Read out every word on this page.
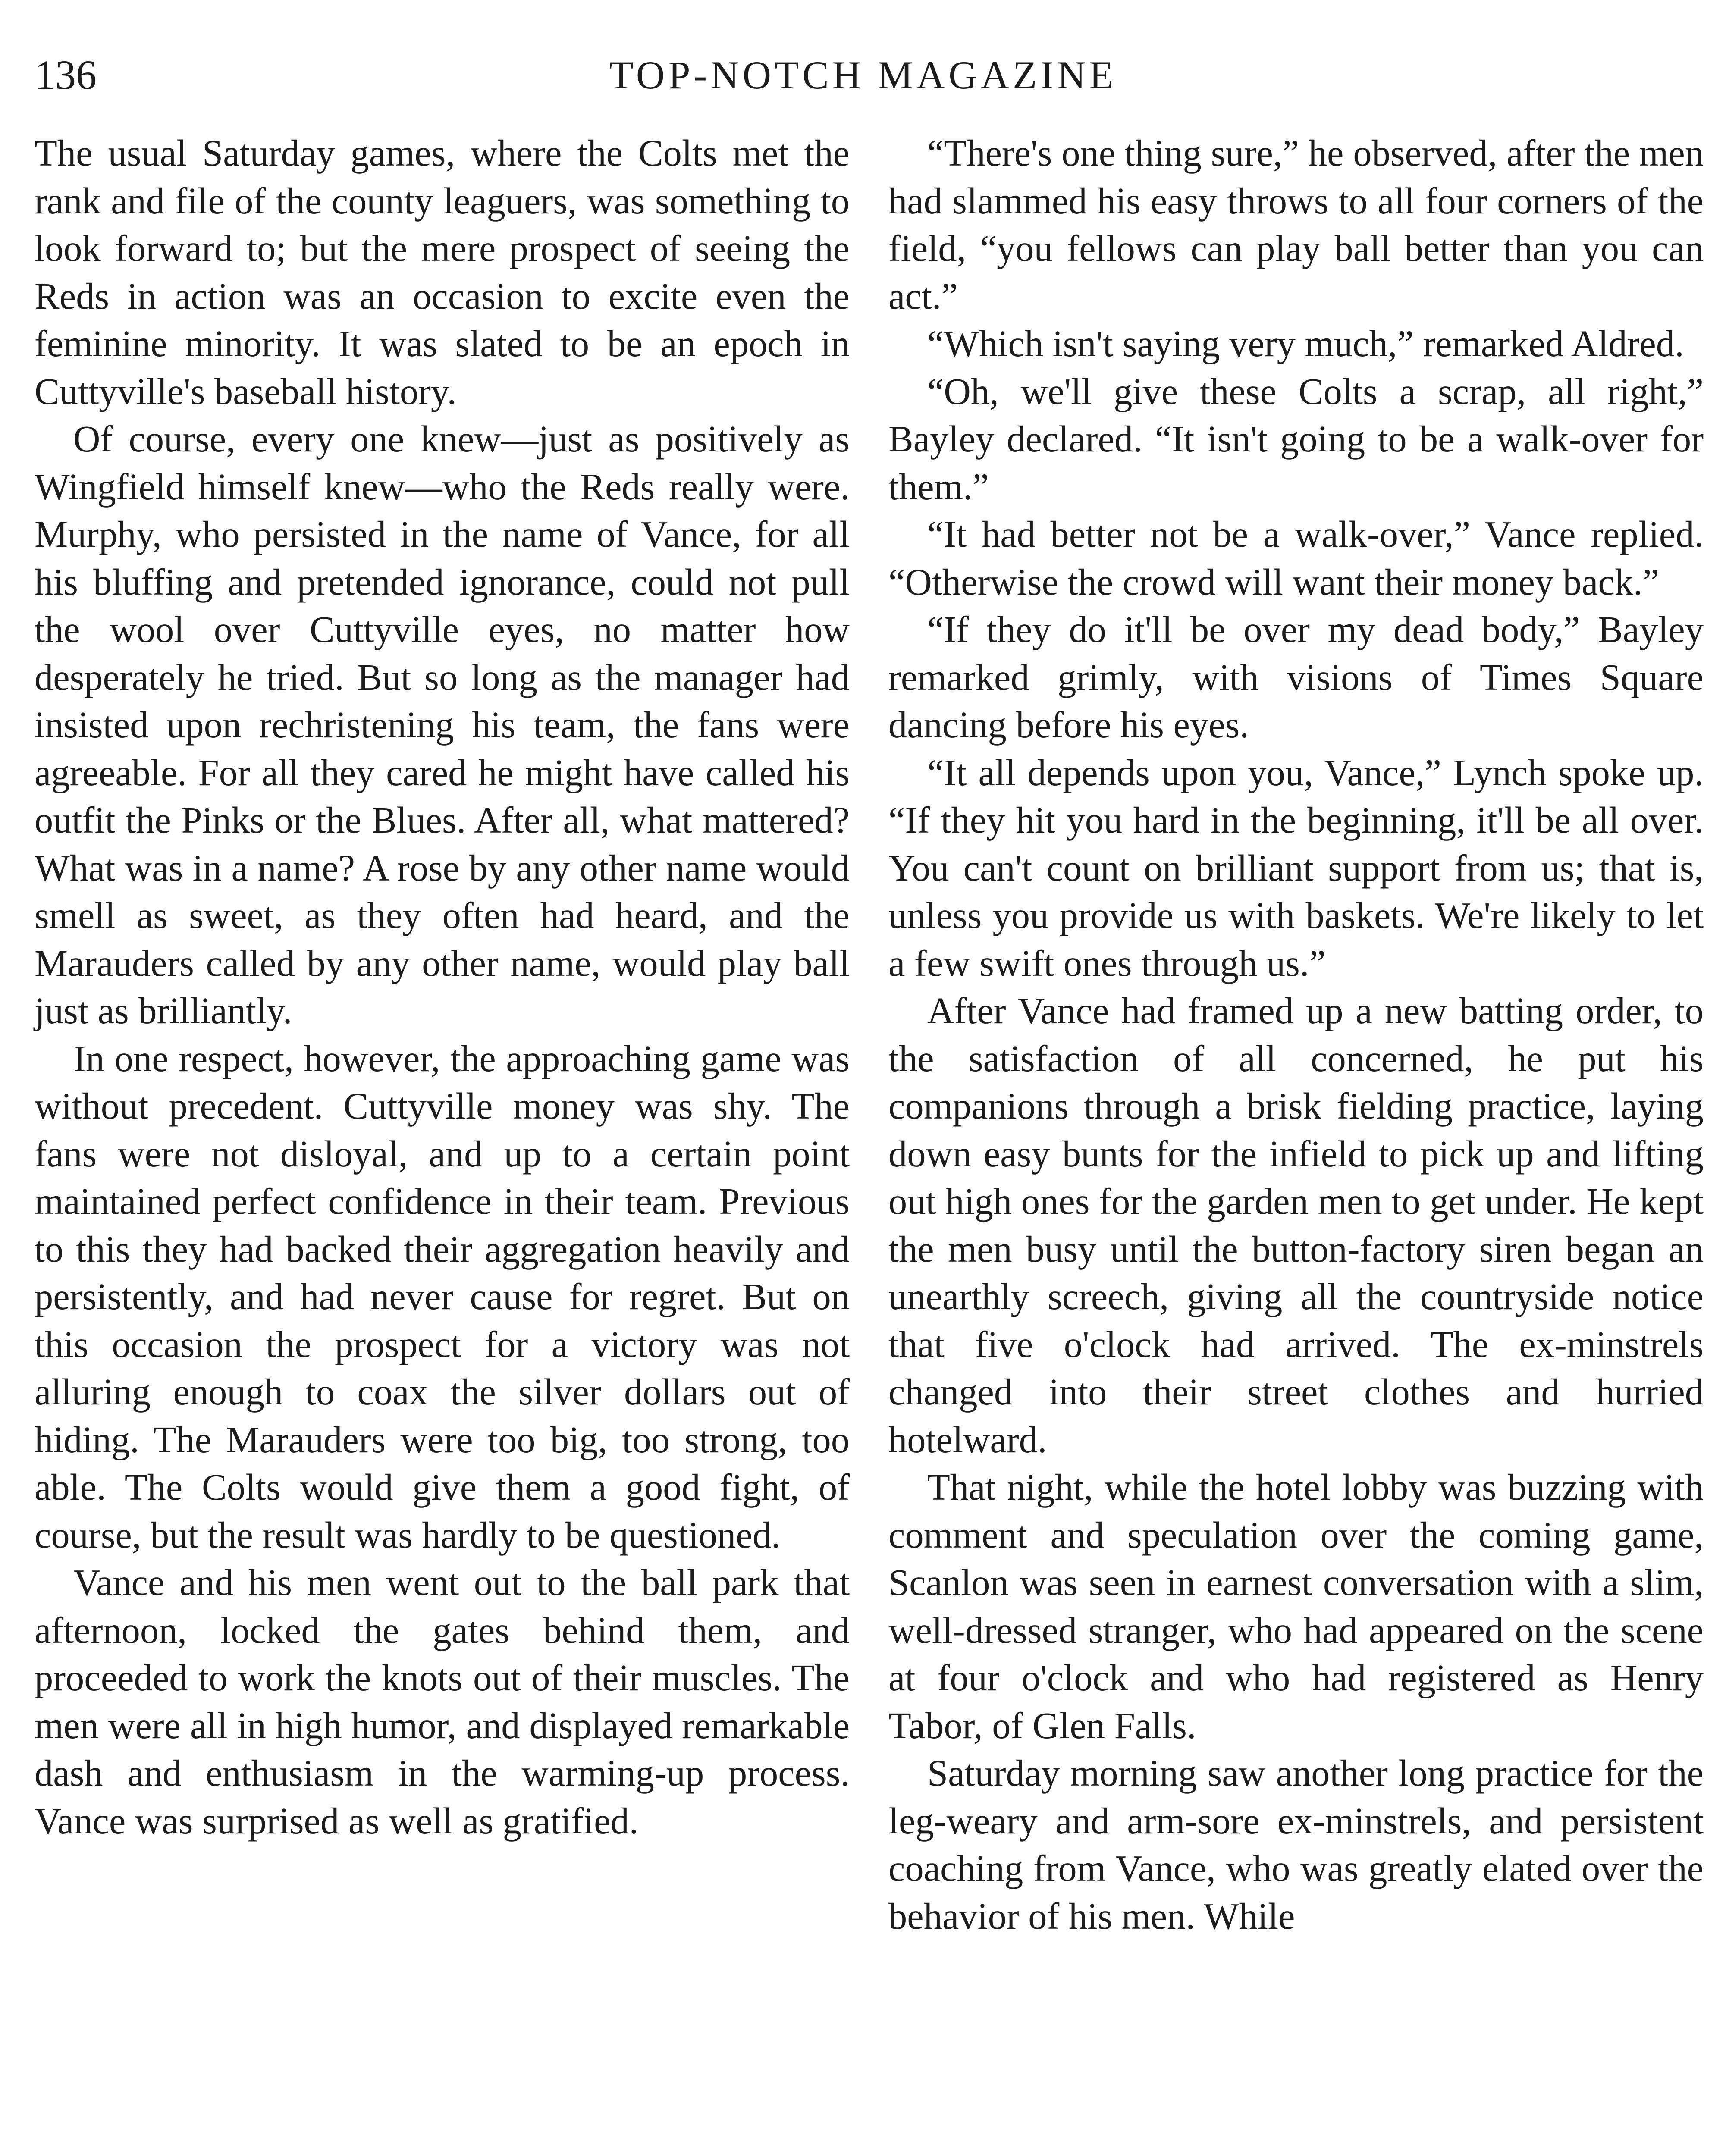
136	TOP-NOTCH MAGAZINE

The usual Saturday games, where the Colts met the rank and file of the county leaguers, was something to look forward to; but the mere prospect of seeing the Reds in action was an occasion to excite even the feminine minority. It was slated to be an epoch in Cuttyville's baseball history.

Of course, every one knew—just as positively as Wingfield himself knew—who the Reds really were. Murphy, who persisted in the name of Vance, for all his bluffing and pretended ignorance, could not pull the wool over Cuttyville eyes, no matter how desperately he tried. But so long as the manager had insisted upon rechristening his team, the fans were agreeable. For all they cared he might have called his outfit the Pinks or the Blues. After all, what mattered? What was in a name? A rose by any other name would smell as sweet, as they often had heard, and the Marauders called by any other name, would play ball just as brilliantly.

In one respect, however, the approaching game was without precedent. Cuttyville money was shy. The fans were not disloyal, and up to a certain point maintained perfect confidence in their team. Previous to this they had backed their aggregation heavily and persistently, and had never cause for regret. But on this occasion the prospect for a victory was not alluring enough to coax the silver dollars out of hiding. The Marauders were too big, too strong, too able. The Colts would give them a good fight, of course, but the result was hardly to be questioned.

Vance and his men went out to the ball park that afternoon, locked the gates behind them, and proceeded to work the knots out of their muscles. The men were all in high humor, and displayed remarkable dash and enthusiasm in the warming-up process. Vance was surprised as well as gratified.

“There's one thing sure,” he observed, after the men had slammed his easy throws to all four corners of the field, “you fellows can play ball better than you can act.”

“Which isn't saying very much,” remarked Aldred.

“Oh, we'll give these Colts a scrap, all right,” Bayley declared. “It isn't going to be a walk-over for them.”

“It had better not be a walk-over,” Vance replied. “Otherwise the crowd will want their money back.”

“If they do it'll be over my dead body,” Bayley remarked grimly, with visions of Times Square dancing before his eyes.

“It all depends upon you, Vance,” Lynch spoke up. “If they hit you hard in the beginning, it'll be all over. You can't count on brilliant support from us; that is, unless you provide us with baskets. We're likely to let a few swift ones through us.”

After Vance had framed up a new batting order, to the satisfaction of all concerned, he put his companions through a brisk fielding practice, laying down easy bunts for the infield to pick up and lifting out high ones for the garden men to get under. He kept the men busy until the button-factory siren began an unearthly screech, giving all the countryside notice that five o'clock had arrived. The ex-minstrels changed into their street clothes and hurried hotelward.

That night, while the hotel lobby was buzzing with comment and speculation over the coming game, Scanlon was seen in earnest conversation with a slim, well-dressed stranger, who had appeared on the scene at four o'clock and who had registered as Henry Tabor, of Glen Falls.

Saturday morning saw another long practice for the leg-weary and arm-sore ex-minstrels, and persistent coaching from Vance, who was greatly elated over the behavior of his men. While
